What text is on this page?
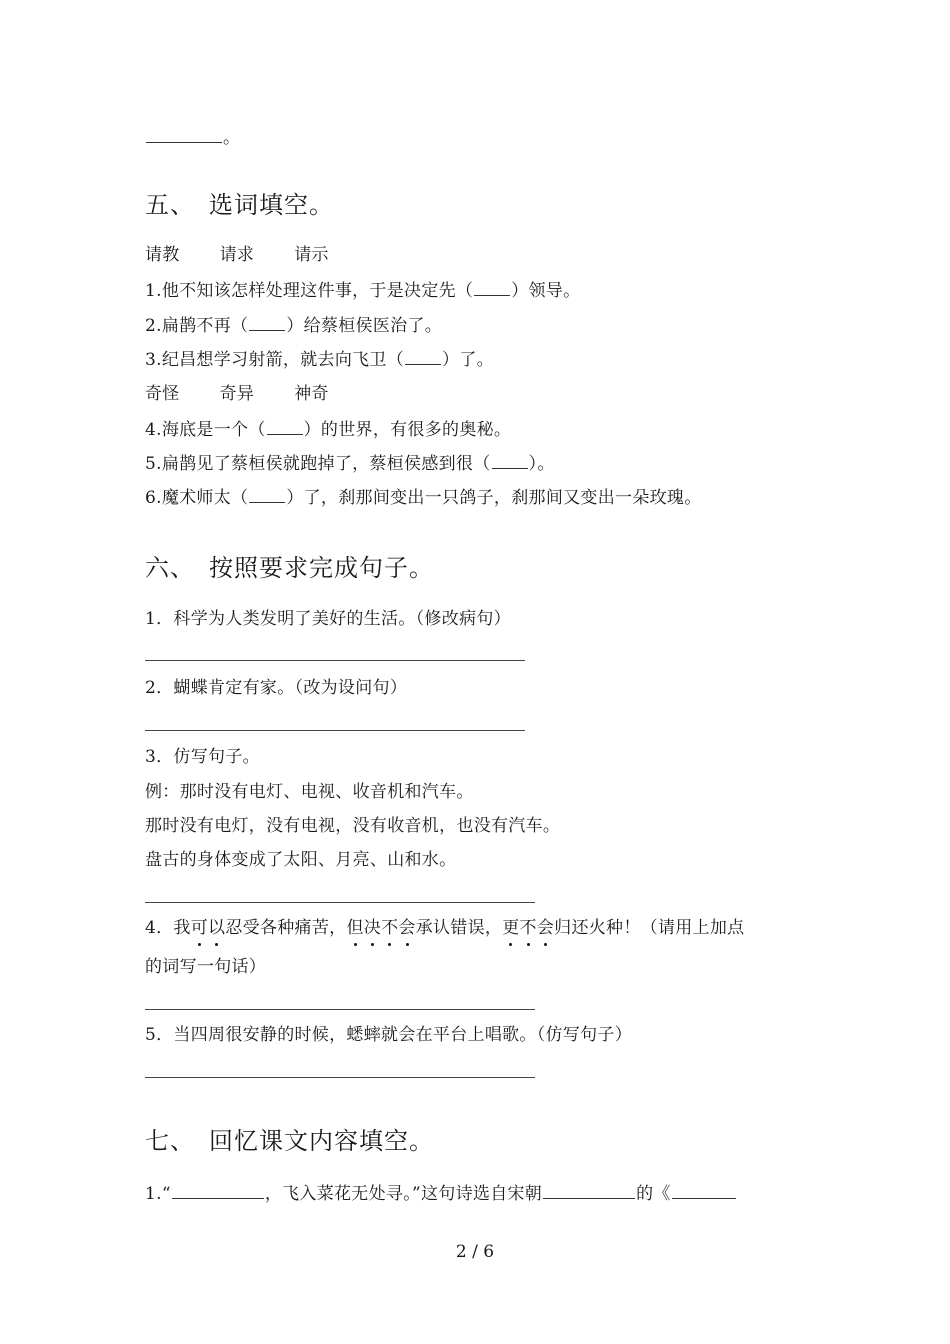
。
五、 选词填空。
请教 请求 请示
1.他不知该怎样处理这件事，于是决定先（ ）领导。
2.扁鹊不再（ ）给蔡桓侯医治了。
3.纪昌想学习射箭，就去向飞卫（ ）了。
奇怪 奇异 神奇
4.海底是一个（ ）的世界，有很多的奥秘。
5.扁鹊见了蔡桓侯就跑掉了，蔡桓侯感到很（ ）。
6.魔术师太（ ）了，刹那间变出一只鸽子，刹那间又变出一朵玫瑰。
六、 按照要求完成句子。
1．科学为人类发明了美好的生活。（修改病句）
2．蝴蝶肯定有家。（改为设问句）
3．仿写句子。
例：那时没有电灯、电视、收音机和汽车。
那时没有电灯，没有电视，没有收音机，也没有汽车。
盘古的身体变成了太阳、月亮、山和水。
4．我可以忍受各种痛苦，但决不会承认错误，更不会归还火种！（请用上加点
的词写一句话）
5．当四周很安静的时候，蟋蟀就会在平台上唱歌。（仿写句子）
七、 回忆课文内容填空。
1.“	，飞入菜花无处寻。”这句诗选自宋朝	的《
2 / 6
